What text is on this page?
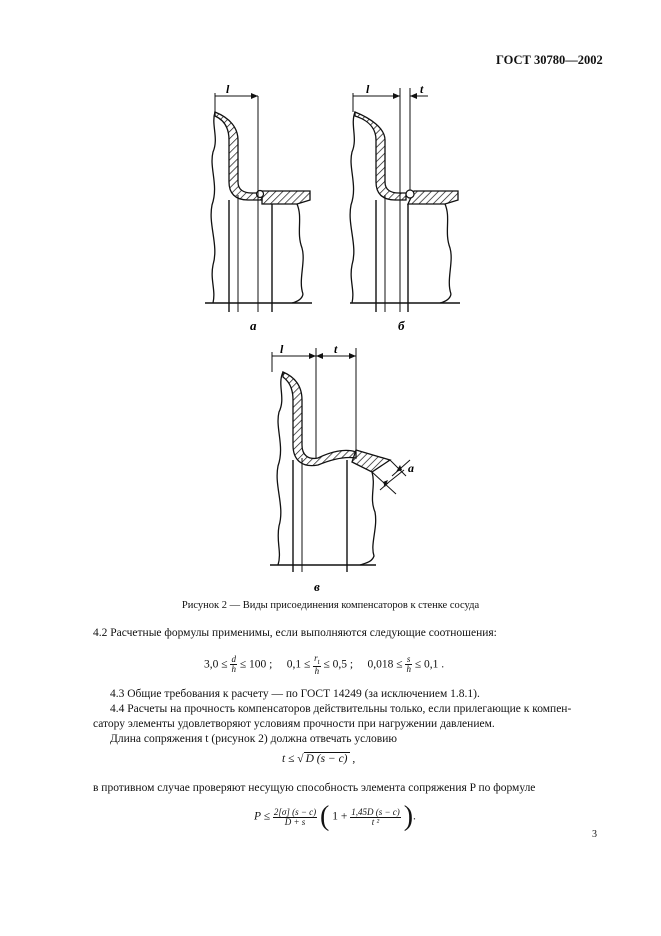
ГОСТ 30780—2002
l	l	t
l	t
a
а	б
в
Рисунок 2 — Виды присоединения компенсаторов к стенке сосуда
4.2 Расчетные формулы применимы, если выполняются следующие соотношения:
$3,0 \le \frac{d}{h} \le 100$ ; $0,1 \le \frac{r_t}{h} \le 0,5$ ; $0,018 \le \frac{s}{h} \le 0,1$ .
4.3 Общие требования к расчету — по ГОСТ 14249 (за исключением 1.8.1).
4.4 Расчеты на прочность компенсаторов действительны только, если прилегающие к компен-
сатору элементы удовлетворяют условиям прочности при нагружении давлением.
Длина сопряжения t (рисунок 2) должна отвечать условию
t ≤ √ D (s − c) ,
в противном случае проверяют несущую способность элемента сопряжения P по формуле
$P \le \frac{2[\sigma] (s - c)}{D + s}$ ( $1 + \frac{1,45D (s - c)}{\text{t ²}}$ ).
3
